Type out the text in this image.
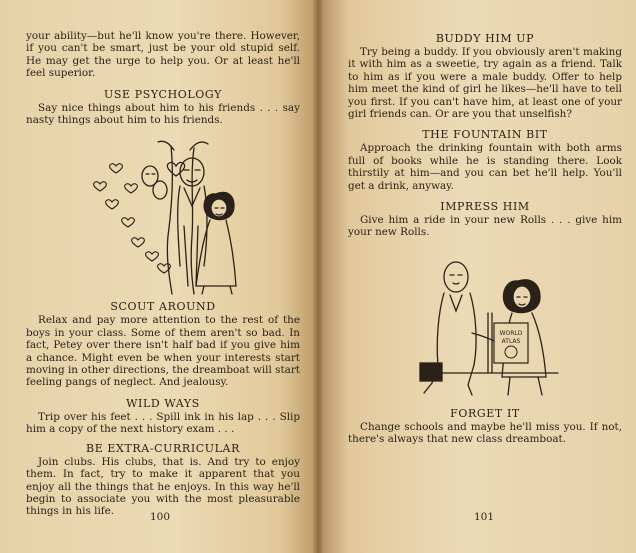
your ability—but he'll know you're there. However, if you can't be smart, just be your old stupid self. He may get the urge to help you. Or at least he'll feel superior.

USE PSYCHOLOGY

Say nice things about him to his friends . . . say nasty things about him to his friends.

SCOUT AROUND

Relax and pay more attention to the rest of the boys in your class. Some of them aren't so bad. In fact, Petey over there isn't half bad if you give him a chance. Might even be when your interests start moving in other directions, the dreamboat will start feeling pangs of neglect. And jealousy.

WILD WAYS

Trip over his feet . . . Spill ink in his lap . . . Slip him a copy of the next history exam . . .

BE EXTRA-CURRICULAR

Join clubs. His clubs, that is. And try to enjoy them. In fact, try to make it apparent that you enjoy all the things that he enjoys. In this way he'll begin to associate you with the most pleasurable things in his life.	100
BUDDY HIM UP

Try being a buddy. If you obviously aren't making it with him as a sweetie, try again as a friend. Talk to him as if you were a male buddy. Offer to help him meet the kind of girl he likes—he'll have to tell you first. If you can't have him, at least one of your girl friends can. Or are you that unselfish?

THE FOUNTAIN BIT

Approach the drinking fountain with both arms full of books while he is standing there. Look thirstily at him—and you can bet he'll help. You'll get a drink, anyway.

IMPRESS HIM

Give him a ride in your new Rolls . . . give him your new Rolls.

WORLD
ATLAS
FORGET IT

Change schools and maybe he'll miss you. If not, there's always that new class dreamboat.

101
